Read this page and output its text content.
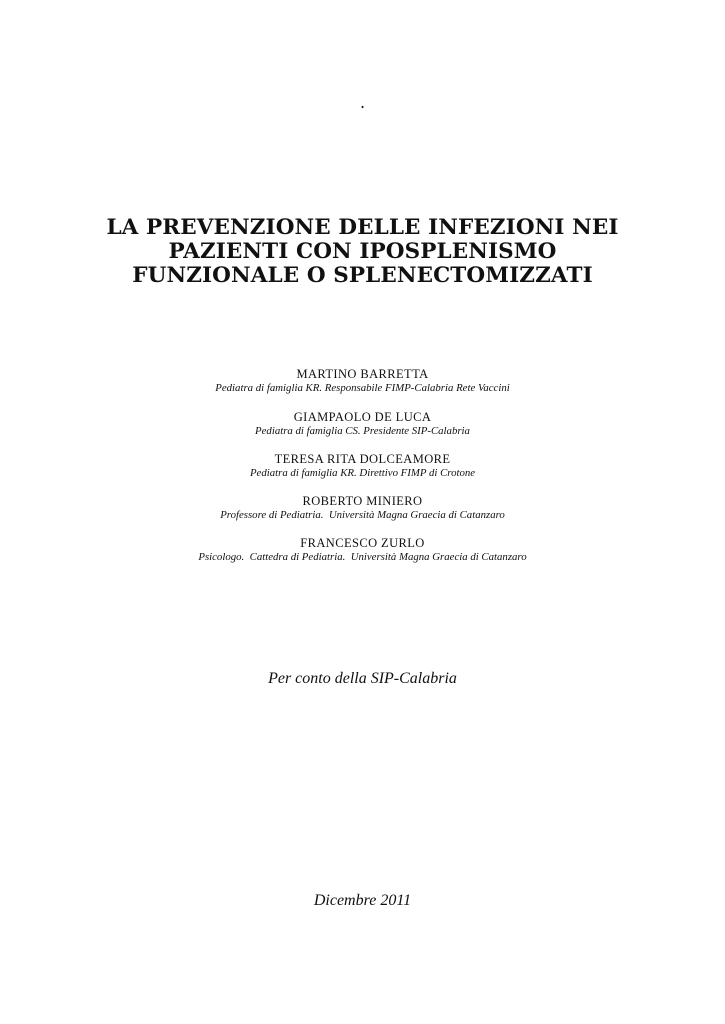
.

LA PREVENZIONE DELLE INFEZIONI NEI

PAZIENTI CON IPOSPLENISMO

FUNZIONALE O SPLENECTOMIZZATI

MARTINO BARRETTA

Pediatra di famiglia KR. Responsabile FIMP-Calabria Rete Vaccini

GIAMPAOLO DE LUCA

Pediatra di famiglia CS. Presidente SIP-Calabria

TERESA RITA DOLCEAMORE

Pediatra di famiglia KR. Direttivo FIMP di Crotone

ROBERTO MINIERO

Professore di Pediatria.  Università Magna Graecia di Catanzaro

FRANCESCO ZURLO

Psicologo.  Cattedra di Pediatria.  Università Magna Graecia di Catanzaro

Per conto della SIP-Calabria

Dicembre 2011
